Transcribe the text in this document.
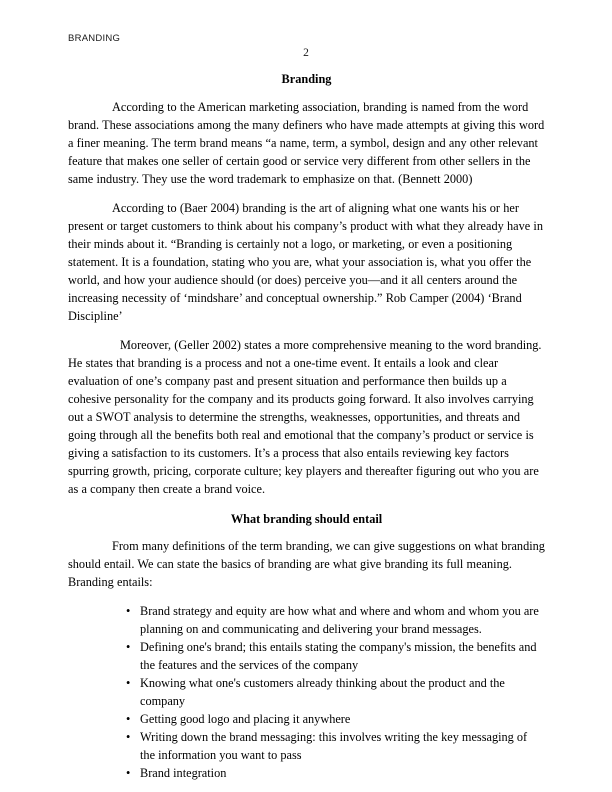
BRANDING
2
Branding

According to the American marketing association, branding is named from the word brand. These associations among the many definers who have made attempts at giving this word a finer meaning. The term brand means “a name, term, a symbol, design and any other relevant feature that makes one seller of certain good or service very different from other sellers in the same industry. They use the word trademark to emphasize on that. (Bennett 2000)

According to (Baer 2004) branding is the art of aligning what one wants his or her present or target customers to think about his company’s product with what they already have in their minds about it. “Branding is certainly not a logo, or marketing, or even a positioning statement. It is a foundation, stating who you are, what your association is, what you offer the world, and how your audience should (or does) perceive you—and it all centers around the increasing necessity of ‘mindshare’ and conceptual ownership.” Rob Camper (2004) ‘Brand Discipline’

Moreover, (Geller 2002) states a more comprehensive meaning to the word branding. He states that branding is a process and not a one-time event. It entails a look and clear evaluation of one’s company past and present situation and performance then builds up a cohesive personality for the company and its products going forward. It also involves carrying out a SWOT analysis to determine the strengths, weaknesses, opportunities, and threats and going through all the benefits both real and emotional that the company’s product or service is giving a satisfaction to its customers. It’s a process that also entails reviewing key factors spurring growth, pricing, corporate culture; key players and thereafter figuring out who you are as a company then create a brand voice.

What branding should entail

From many definitions of the term branding, we can give suggestions on what branding should entail. We can state the basics of branding are what give branding its full meaning. Branding entails:

• Brand strategy and equity are how what and where and whom and whom you are planning on and communicating and delivering your brand messages.
• Defining one's brand; this entails stating the company's mission, the benefits and the features and the services of the company
• Knowing what one's customers already thinking about the product and the company
• Getting good logo and placing it anywhere
• Writing down the brand messaging: this involves writing the key messaging of the information you want to pass
• Brand integration
